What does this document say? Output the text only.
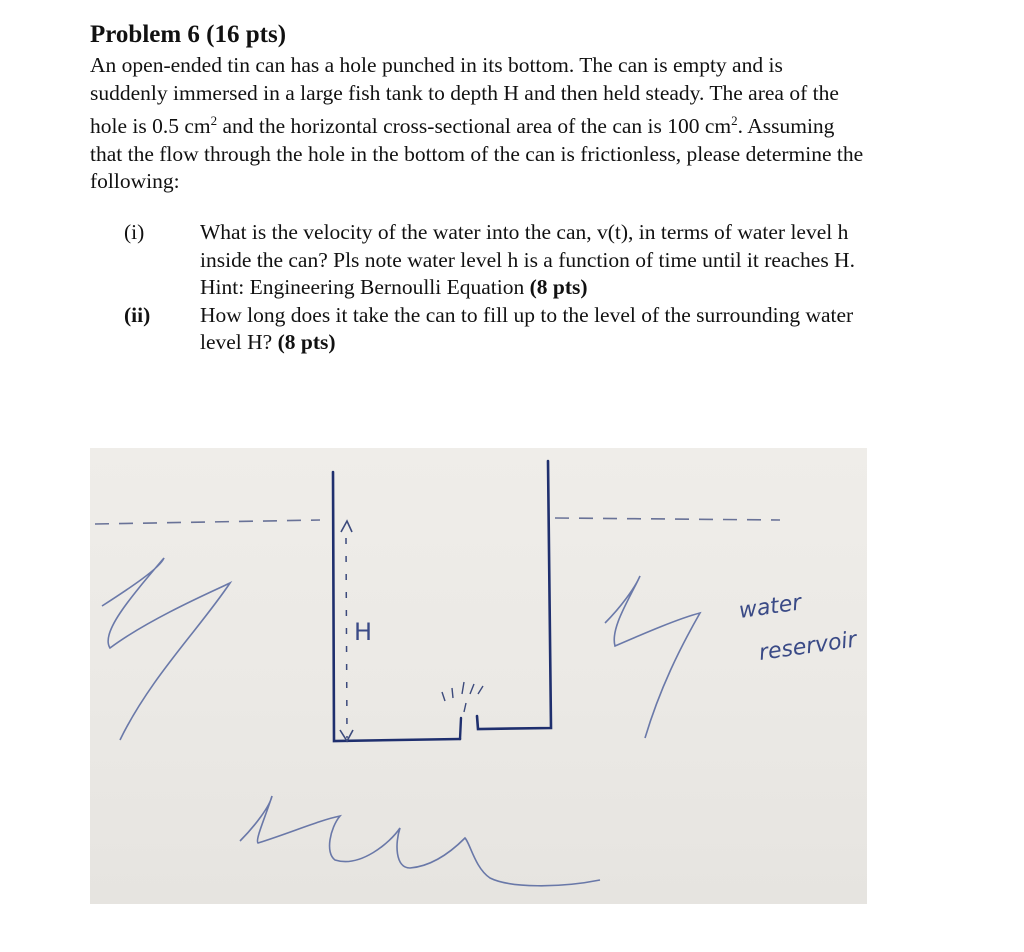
Problem 6 (16 pts)
An open-ended tin can has a hole punched in its bottom. The can is empty and is
suddenly immersed in a large fish tank to depth H and then held steady. The area of the
hole is 0.5 $cm^2$ and the horizontal cross-sectional area of the can is 100 $cm^2$. Assuming
that the flow through the hole in the bottom of the can is frictionless, please determine the
following:
(i)	What is the velocity of the water into the can, v(t), in terms of water level h
inside the can? Pls note water level h is a function of time until it reaches H.
Hint: Engineering Bernoulli Equation (8 pts)
(ii)	How long does it take the can to fill up to the level of the surrounding water
level H? (8 pts)
H
water
reservoir
